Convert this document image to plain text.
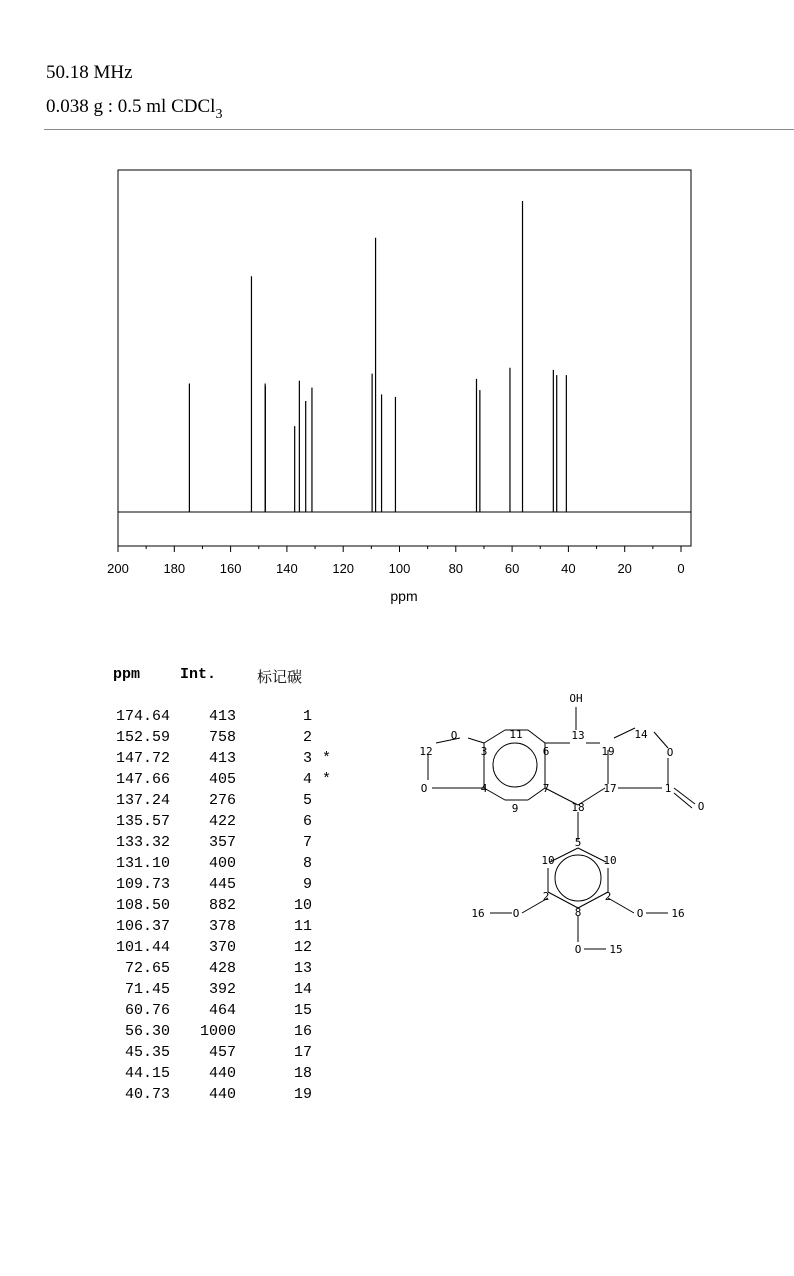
50.18 MHz
0.038 g : 0.5 ml CDCl$_3$
200	180	160	140	120	100	80	60	40	20	0
ppm
ppm	Int.	标记碳
174.64	413	1
152.59	758	2
147.72	413	3 *
147.66	405	4 *
137.24	276	5
135.57	422	6
133.32	357	7
131.10	400	8
109.73	445	9
108.50	882	10
106.37	378	11
101.44	370	12
72.65	428	13
71.45	392	14
60.76	464	15
56.30	1000	16
45.35	457	17
44.15	440	18
40.73	440	19
OH
11	13	14
3	6	19
O
12	O
O	4	7	17	1
9	18	O
5
10	10
2	2
8
16	O	O	16
O	15
